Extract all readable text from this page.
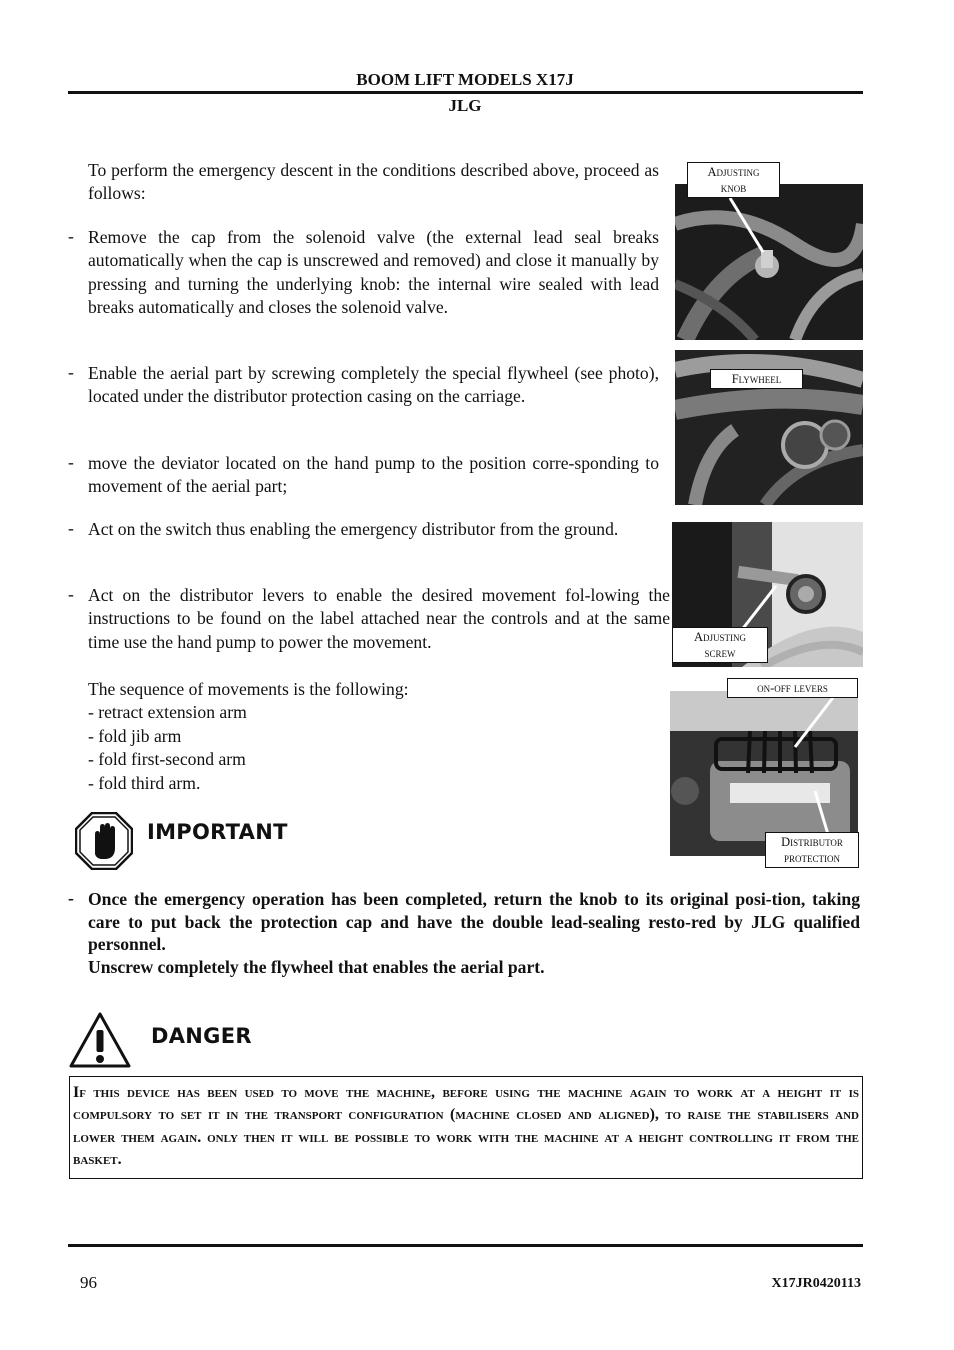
BOOM LIFT MODELS X17J
JLG
To perform the emergency descent in the conditions described above, proceed as follows:
- Remove the cap from the solenoid valve (the external lead seal breaks automatically when the cap is unscrewed and removed) and close it manually by pressing and turning the underlying knob: the internal wire sealed with lead breaks automatically and closes the solenoid valve.
- Enable the aerial part by screwing completely the special flywheel (see photo), located under the distributor protection casing on the carriage.
- move the deviator located on the hand pump to the position corre-sponding to movement of the aerial part;
- Act on the switch thus enabling the emergency distributor from the ground.
- Act on the distributor levers to enable the desired movement fol-lowing the instructions to be found on the label attached near the controls and at the same time use the hand pump to power the movement.
The sequence of movements is the following:
- retract extension arm
- fold jib arm
- fold first-second arm
- fold third arm.
Adjusting
knob
Flywheel
Adjusting
screw
on-off levers
Distributor
protection
IMPORTANT
- Once the emergency operation has been completed, return the knob to its original posi-tion, taking care to put back the protection cap and have the double lead-sealing resto-red by JLG qualified personnel.
Unscrew completely the flywheel that enables the aerial part.
DANGER
If this device has been used to move the machine, before using the machine again to work at a height it is compulsory to set it in the transport configuration (machine closed and aligned), to raise the stabilisers and lower them again. only then it will be possible to work with the machine at a height controlling it from the basket.
96	X17JR0420113
